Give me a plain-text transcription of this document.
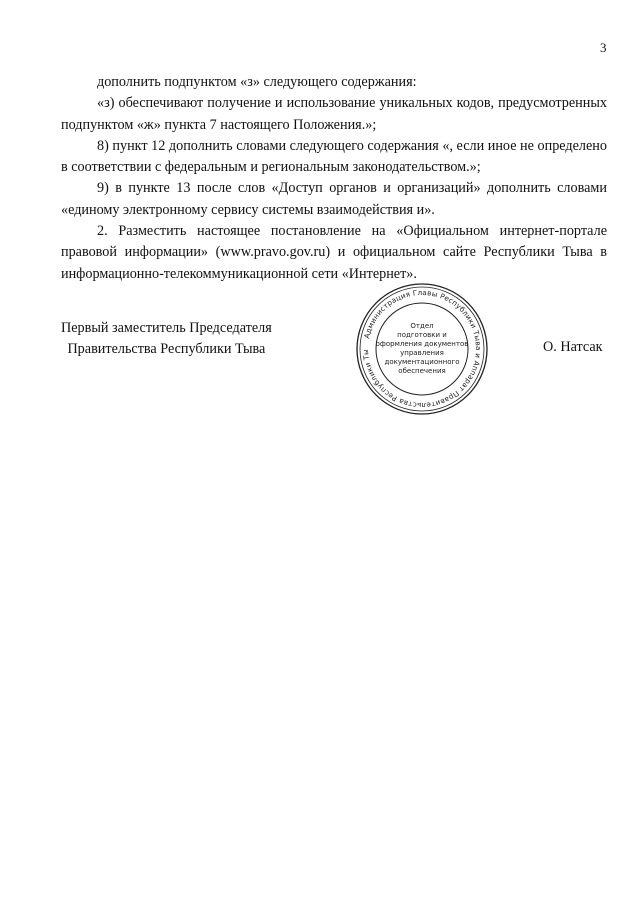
3

дополнить подпунктом «з» следующего содержания:

«з) обеспечивают получение и использование уникальных кодов, предусмотренных подпунктом «ж» пункта 7 настоящего Положения.»;

8) пункт 12 дополнить словами следующего содержания «, если иное не определено в соответствии с федеральным и региональным законодательством.»;

9) в пункте 13 после слов «Доступ органов и организаций» дополнить словами «единому электронному сервису системы взаимодействия и».

2. Разместить настоящее постановление на «Официальном интернет-портале правовой информации» (www.pravo.gov.ru) и официальном сайте Республики Тыва в информационно-телекоммуникационной сети «Интернет».

Первый заместитель Председателя
Правительства Республики Тыва
Администрация Главы Республики Тыва и Аппарат Правительства Республики Ты
Отдел
подготовки и
оформления документов
управления
документационного
обеспечения
О. Натсак
